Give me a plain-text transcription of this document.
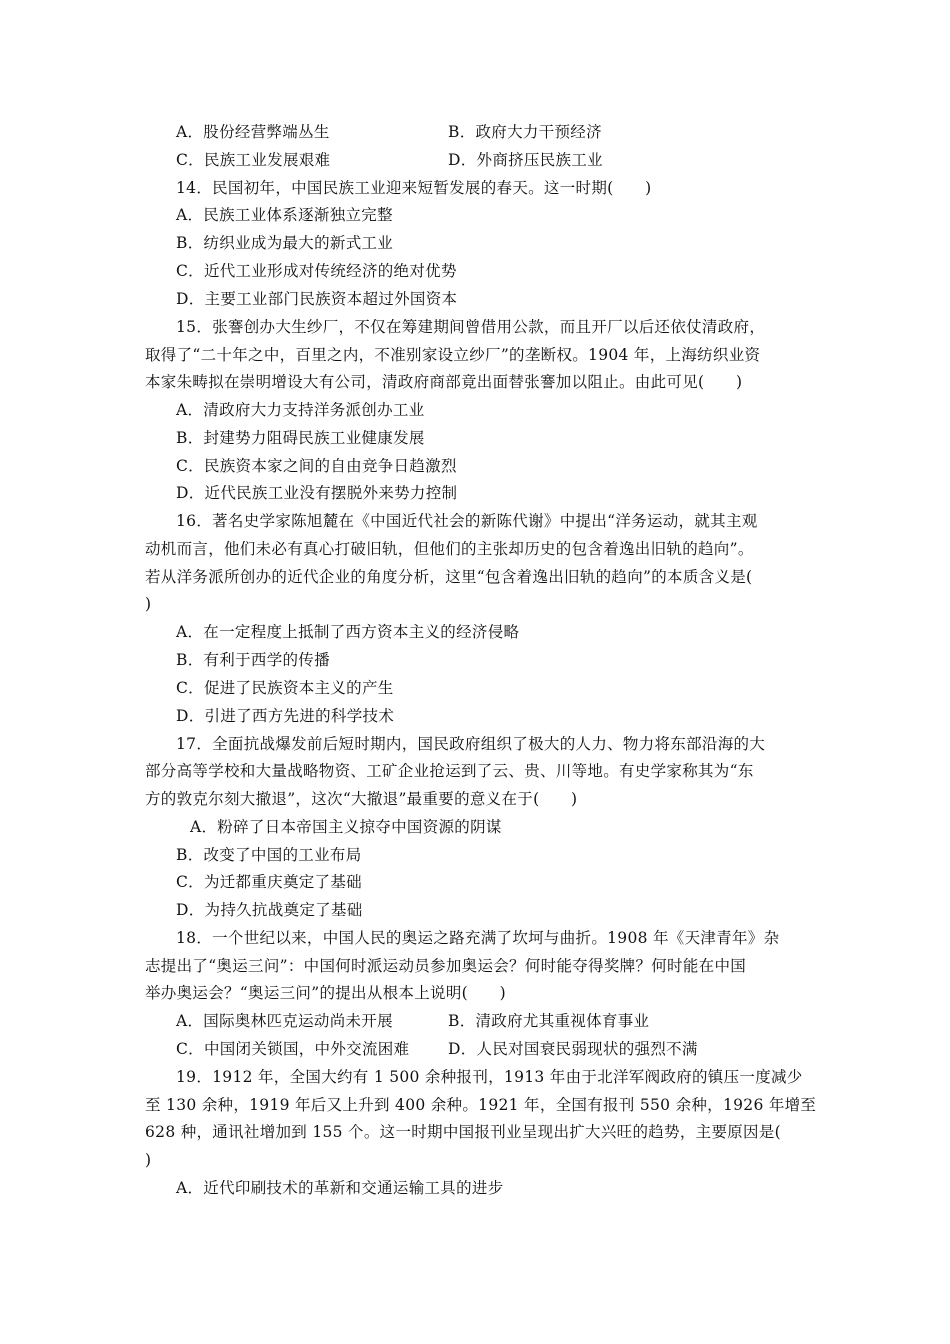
A．股份经营弊端丛生	B．政府大力干预经济
C．民族工业发展艰难	D．外商挤压民族工业
14．民国初年，中国民族工业迎来短暂发展的春天。这一时期(　　)
A．民族工业体系逐渐独立完整
B．纺织业成为最大的新式工业
C．近代工业形成对传统经济的绝对优势
D．主要工业部门民族资本超过外国资本
15．张謇创办大生纱厂，不仅在筹建期间曾借用公款，而且开厂以后还依仗清政府，
取得了“二十年之中，百里之内，不准别家设立纱厂”的垄断权。1904 年，上海纺织业资
本家朱畴拟在崇明增设大有公司，清政府商部竟出面替张謇加以阻止。由此可见(　　)
A．清政府大力支持洋务派创办工业
B．封建势力阻碍民族工业健康发展
C．民族资本家之间的自由竞争日趋激烈
D．近代民族工业没有摆脱外来势力控制
16．著名史学家陈旭麓在《中国近代社会的新陈代谢》中提出“洋务运动，就其主观
动机而言，他们未必有真心打破旧轨，但他们的主张却历史的包含着逸出旧轨的趋向”。
若从洋务派所创办的近代企业的角度分析，这里“包含着逸出旧轨的趋向”的本质含义是(
)
A．在一定程度上抵制了西方资本主义的经济侵略
B．有利于西学的传播
C．促进了民族资本主义的产生
D．引进了西方先进的科学技术
17．全面抗战爆发前后短时期内，国民政府组织了极大的人力、物力将东部沿海的大
部分高等学校和大量战略物资、工矿企业抢运到了云、贵、川等地。有史学家称其为“东
方的敦克尔刻大撤退”，这次“大撤退”最重要的意义在于(　　)
A．粉碎了日本帝国主义掠夺中国资源的阴谋
B．改变了中国的工业布局
C．为迁都重庆奠定了基础
D．为持久抗战奠定了基础
18．一个世纪以来，中国人民的奥运之路充满了坎坷与曲折。1908 年《天津青年》杂
志提出了“奥运三问”：中国何时派运动员参加奥运会？何时能夺得奖牌？何时能在中国
举办奥运会？“奥运三问”的提出从根本上说明(　　)
A．国际奥林匹克运动尚未开展	B．清政府尤其重视体育事业
C．中国闭关锁国，中外交流困难 D．人民对国衰民弱现状的强烈不满
19．1912 年，全国大约有 1 500 余种报刊，1913 年由于北洋军阀政府的镇压一度减少
至 130 余种，1919 年后又上升到 400 余种。1921 年，全国有报刊 550 余种，1926 年增至
628 种，通讯社增加到 155 个。这一时期中国报刊业呈现出扩大兴旺的趋势，主要原因是(
)
A．近代印刷技术的革新和交通运输工具的进步
